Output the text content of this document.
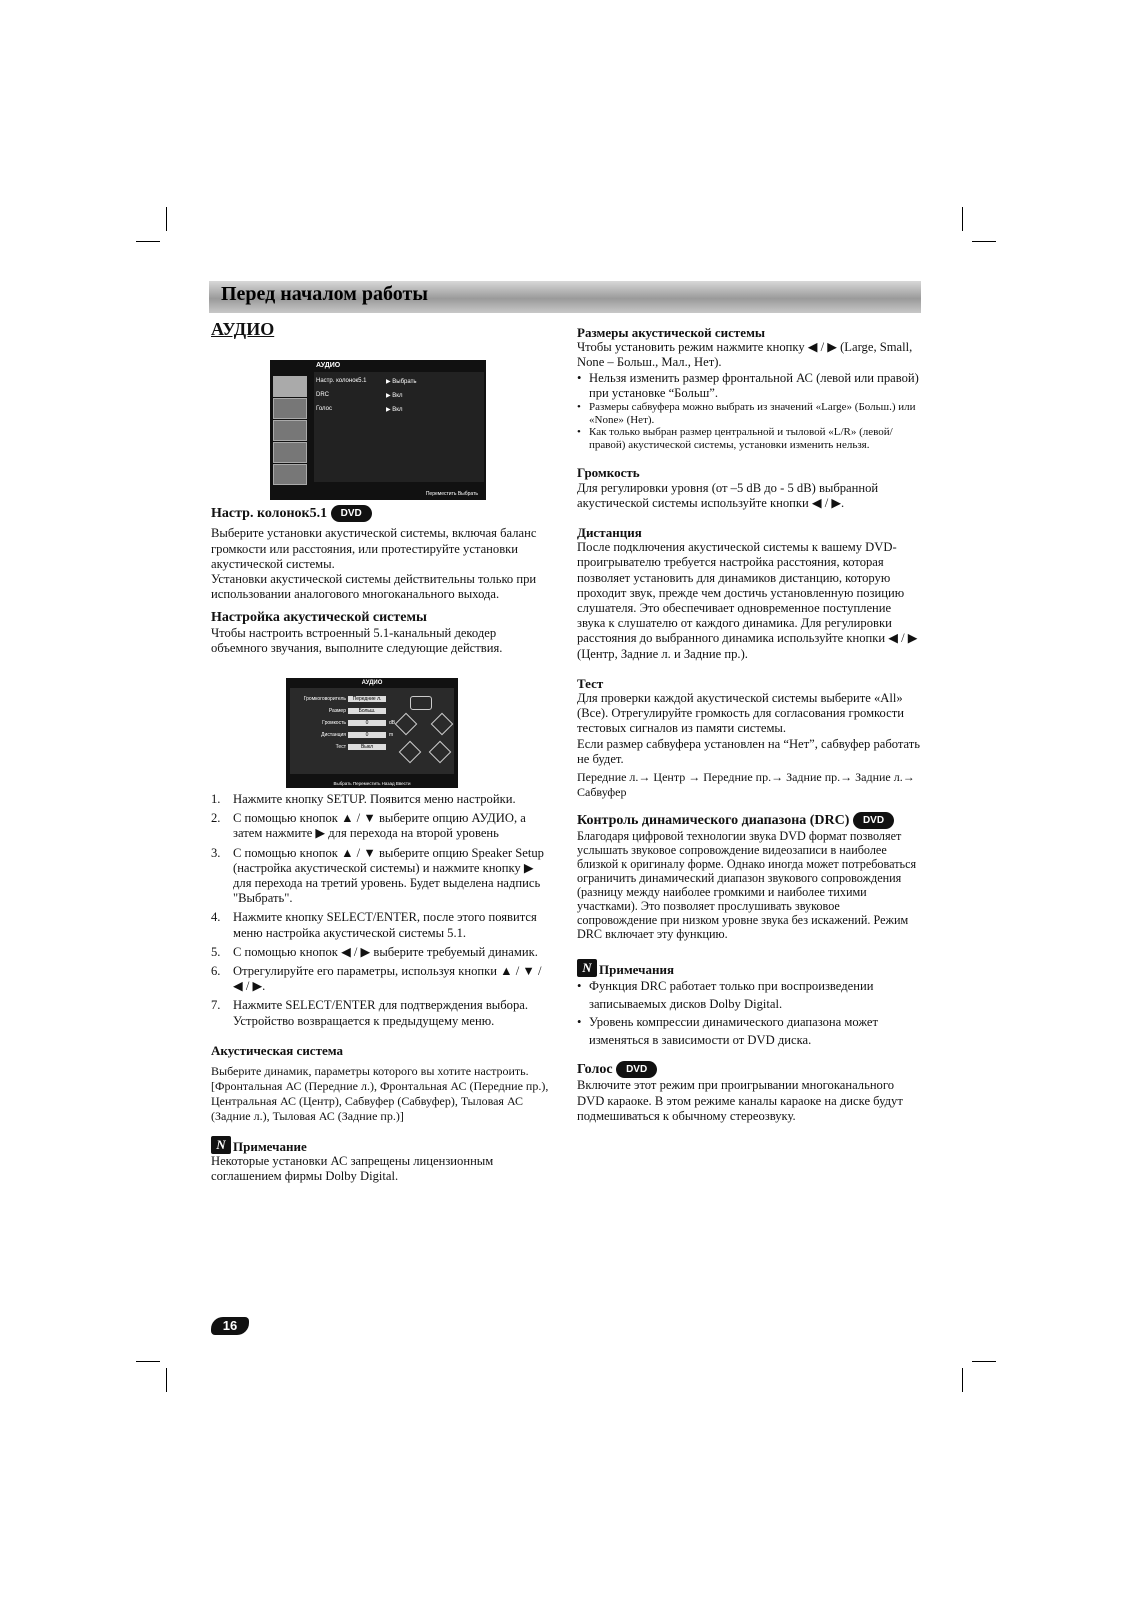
Перед началом работы
АУДИО
Настр. колонок5.1 DVD

Выберите установки акустической системы, включая баланс громкости или расстояния, или протестируйте установки акустической системы.

Установки акустической системы действительны только при использовании аналогового многоканального выхода.

Настройка акустической системы

Чтобы настроить встроенный 5.1-канальный декодер объемного звучания, выполните следующие действия.

1. Нажмите кнопку SETUP. Появится меню настройки.
2. С помощью кнопок ▲ / ▼ выберите опцию АУДИО, а затем нажмите ▶ для перехода на второй уровень
3. С помощью кнопок ▲ / ▼ выберите опцию Speaker Setup (настройка акустической системы) и нажмите кнопку ▶ для перехода на третий уровень. Будет выделена надпись "Выбрать".
4. Нажмите кнопку SELECT/ENTER, после этого появится меню настройка акустической системы 5.1.
5. С помощью кнопок ◀ / ▶ выберите требуемый динамик.
6. Отрегулируйте его параметры, используя кнопки ▲ / ▼ / ◀ / ▶.
7. Нажмите SELECT/ENTER для подтверждения выбора. Устройство возвращается к предыдущему меню.
Акустическая система

Выберите динамик, параметры которого вы хотите настроить. [Фронтальная АС (Передние л.), Фронтальная АС (Передние пр.), Центральная АС (Центр), Сабвуфер (Сабвуфер), Тыловая АС (Задние л.), Тыловая АС (Задние пр.)]

N Примечание

Некоторые установки АС запрещены лицензионным соглашением фирмы Dolby Digital.

АУДИО
Настр. колонок5.1	▶ Выбрать
DRC	▶ Вкл
Голос	▶ Вкл
Переместить Выбрать
АУДИО
Громкоговоритель	Передние л.
Размер	Больш.
Громкость	0	dB
Дистанция	0	m
Тест	Выкл
Выбрать Переместить Назад Ввести
Размеры акустической системы

Чтобы установить режим нажмите кнопку ◀ / ▶ (Large, Small, None – Больш., Мал., Нет).

• Нельзя изменить размер фронтальной АС (левой или правой) при установке “Больш”.
• Размеры сабвуфера можно выбрать из значений «Large» (Больш.) или «None» (Нет).
• Как только выбран размер центральной и тыловой «L/R» (левой/правой) акустической системы, установки изменить нельзя.
Громкость

Для регулировки уровня (от –5 dB до - 5 dB) выбранной акустической системы используйте кнопки ◀ / ▶.

Дистанция

После подключения акустической системы к вашему DVD-проигрывателю требуется настройка расстояния, которая позволяет установить для динамиков дистанцию, которую проходит звук, прежде чем достичь установленную позицию слушателя. Это обеспечивает одновременное поступление звука к слушателю от каждого динамика. Для регулировки расстояния до выбранного динамика используйте кнопки ◀ / ▶ (Центр, Задние л. и Задние пр.).

Тест

Для проверки каждой акустической системы выберите «All» (Все). Отрегулируйте громкость для согласования громкости тестовых сигналов из памяти системы.

Если размер сабвуфера установлен на “Нет”, сабвуфер работать не будет.

Передние л.→ Центр → Передние пр.→ Задние пр.→ Задние л.→ Сабвуфер

Контроль динамического диапазона (DRC) DVD

Благодаря цифровой технологии звука DVD формат позволяет услышать звуковое сопровождение видеозаписи в наиболее близкой к оригиналу форме. Однако иногда может потребоваться ограничить динамический диапазон звукового сопровождения (разницу между наиболее громкими и наиболее тихими участками). Это позволяет прослушивать звуковое сопровождение при низком уровне звука без искажений. Режим DRC включает эту функцию.

N Примечания
• Функция DRC работает только при воспроизведении записываемых дисков Dolby Digital.
• Уровень компрессии динамического диапазона может изменяться в зависимости от DVD диска.
Голос DVD

Включите этот режим при проигрывании многоканального DVD караоке. В этом режиме каналы караоке на диске будут подмешиваться к обычному стереозвуку.

16
